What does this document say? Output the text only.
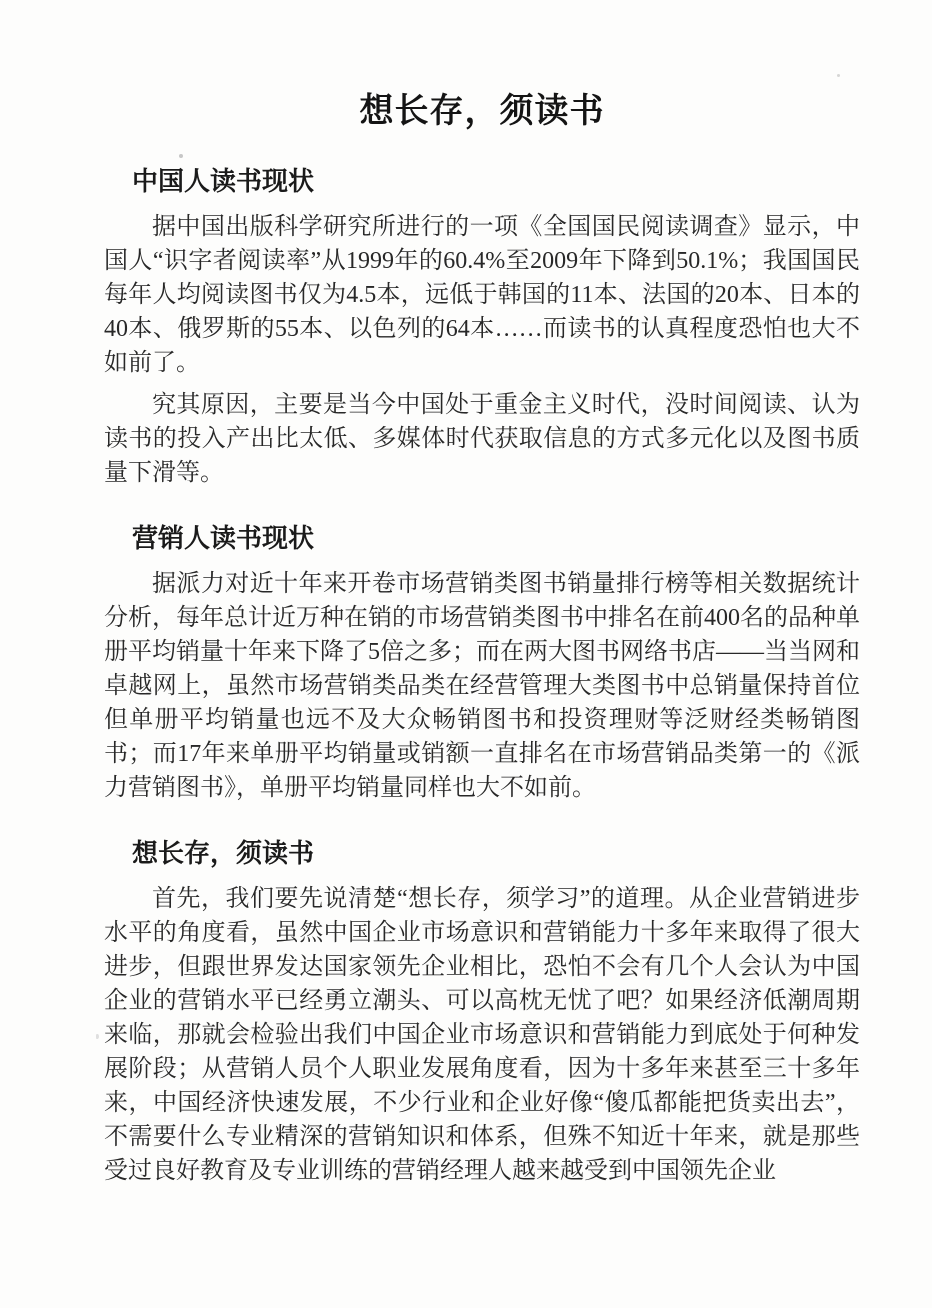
想长存，须读书
中国人读书现状

据中国出版科学研究所进行的一项《全国国民阅读调查》显示，中国人“识字者阅读率”从1999年的60.4%至2009年下降到50.1%；我国国民每年人均阅读图书仅为4.5本，远低于韩国的11本、法国的20本、日本的40本、俄罗斯的55本、以色列的64本……而读书的认真程度恐怕也大不如前了。

究其原因，主要是当今中国处于重金主义时代，没时间阅读、认为读书的投入产出比太低、多媒体时代获取信息的方式多元化以及图书质量下滑等。

营销人读书现状

据派力对近十年来开卷市场营销类图书销量排行榜等相关数据统计分析，每年总计近万种在销的市场营销类图书中排名在前400名的品种单册平均销量十年来下降了5倍之多；而在两大图书网络书店——当当网和卓越网上，虽然市场营销类品类在经营管理大类图书中总销量保持首位但单册平均销量也远不及大众畅销图书和投资理财等泛财经类畅销图书；而17年来单册平均销量或销额一直排名在市场营销品类第一的《派力营销图书》，单册平均销量同样也大不如前。

想长存，须读书

首先，我们要先说清楚“想长存，须学习”的道理。从企业营销进步水平的角度看，虽然中国企业市场意识和营销能力十多年来取得了很大进步，但跟世界发达国家领先企业相比，恐怕不会有几个人会认为中国企业的营销水平已经勇立潮头、可以高枕无忧了吧？如果经济低潮周期来临，那就会检验出我们中国企业市场意识和营销能力到底处于何种发展阶段；从营销人员个人职业发展角度看，因为十多年来甚至三十多年来，中国经济快速发展，不少行业和企业好像“傻瓜都能把货卖出去”，不需要什么专业精深的营销知识和体系，但殊不知近十年来，就是那些受过良好教育及专业训练的营销经理人越来越受到中国领先企业
